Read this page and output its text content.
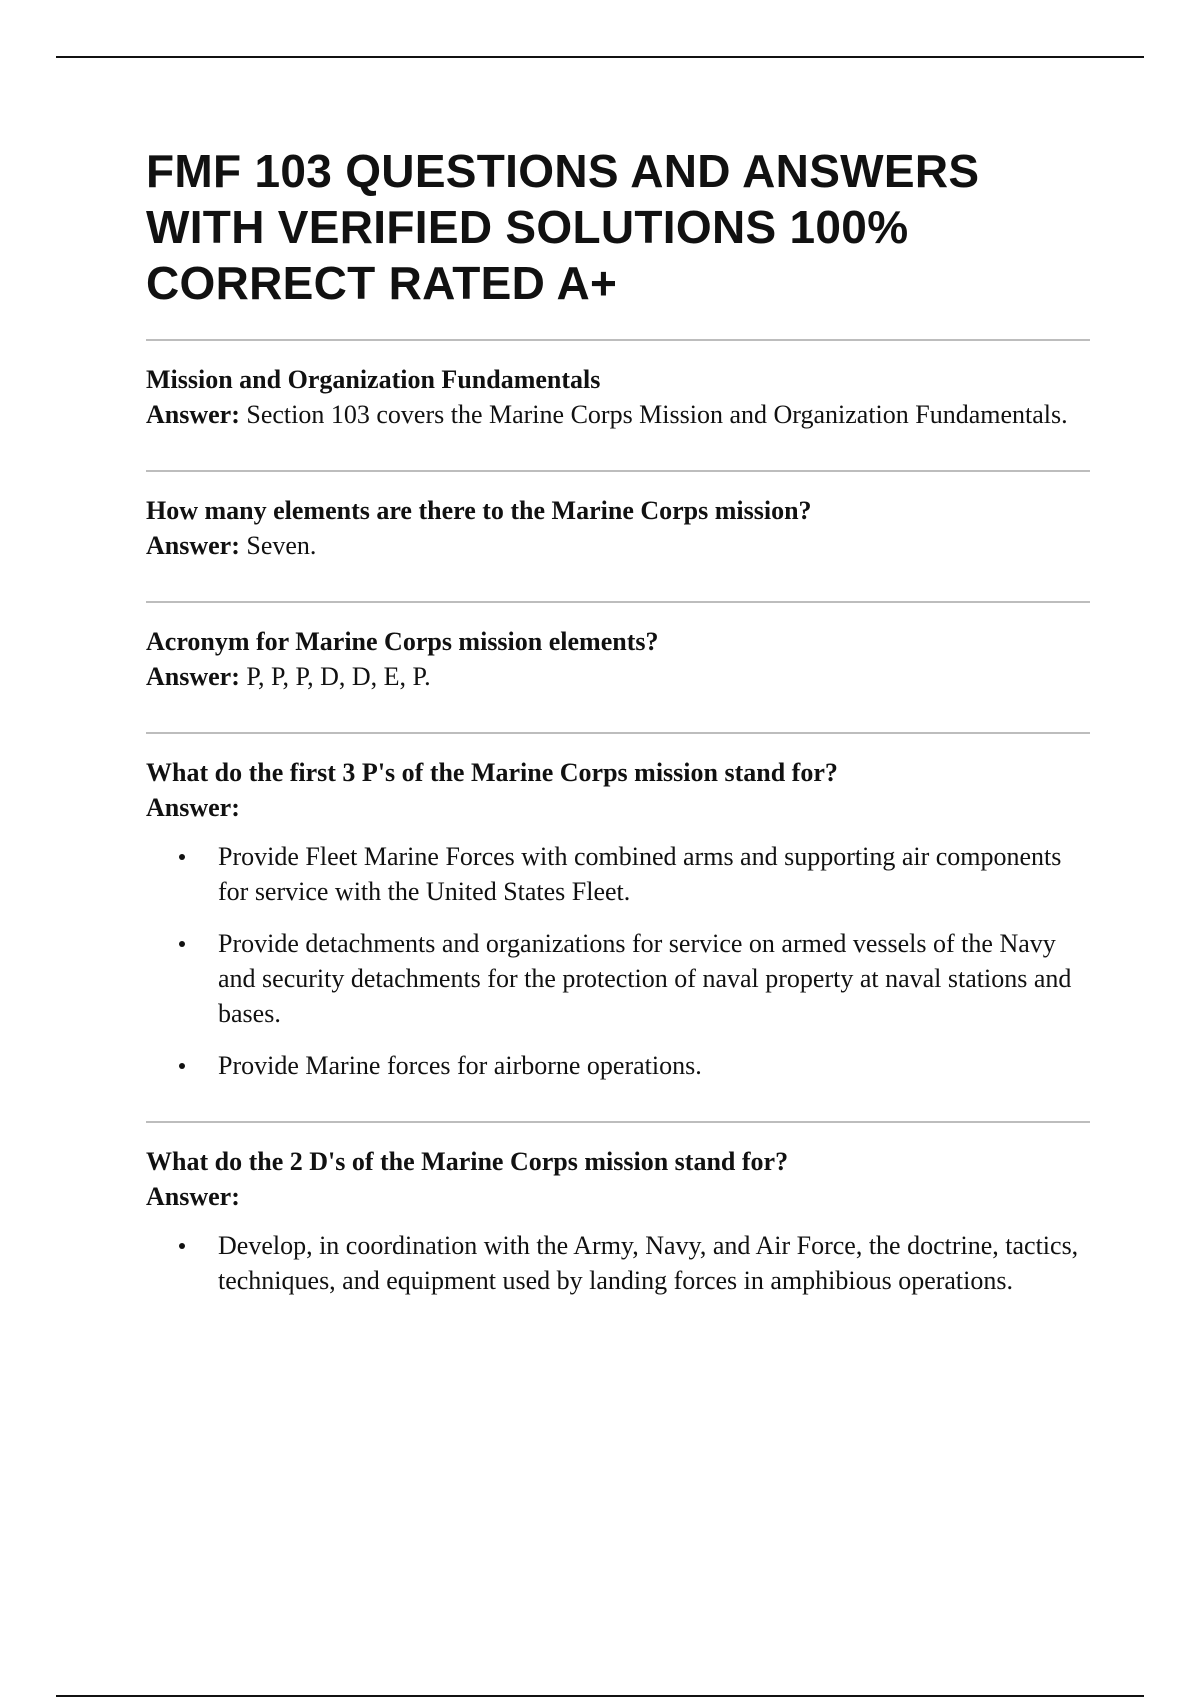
FMF 103 QUESTIONS AND ANSWERS
WITH VERIFIED SOLUTIONS 100%
CORRECT RATED A+
Mission and Organization Fundamentals
Answer: Section 103 covers the Marine Corps Mission and Organization Fundamentals.
How many elements are there to the Marine Corps mission?
Answer: Seven.
Acronym for Marine Corps mission elements?
Answer: P, P, P, D, D, E, P.
What do the first 3 P's of the Marine Corps mission stand for?
Answer:
Provide Fleet Marine Forces with combined arms and supporting air components for service with the United States Fleet.
Provide detachments and organizations for service on armed vessels of the Navy and security detachments for the protection of naval property at naval stations and bases.
Provide Marine forces for airborne operations.
What do the 2 D's of the Marine Corps mission stand for?
Answer:
Develop, in coordination with the Army, Navy, and Air Force, the doctrine, tactics, techniques, and equipment used by landing forces in amphibious operations.
